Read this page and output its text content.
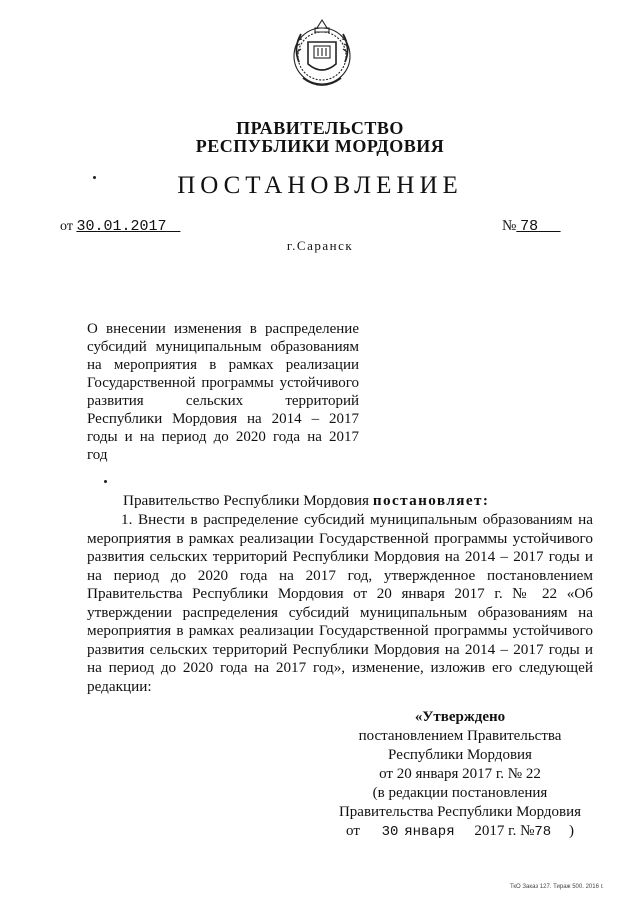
ПРАВИТЕЛЬСТВО
РЕСПУБЛИКИ МОРДОВИЯ
ПОСТАНОВЛЕНИЕ
от 30.01.2017	№ 78
г.Саранск
О внесении изменения в распределение
субсидий муниципальным образованиям
на мероприятия в рамках реализации
Государственной программы устойчивого
развития сельских территорий
Республики Мордовия на 2014 – 2017
годы и на период до 2020 года на 2017
год
Правительство Республики Мордовия постановляет:
1. Внести в распределение субсидий муниципальным образованиям на
мероприятия в рамках реализации Государственной программы устойчивого
развития сельских территорий Республики Мордовия на 2014 – 2017 годы и
на период до 2020 года на 2017 год, утвержденное постановлением
Правительства Республики Мордовия от 20 января 2017 г. № 22 «Об
утверждении распределения субсидий муниципальным образованиям на
мероприятия в рамках реализации Государственной программы устойчивого
развития сельских территорий Республики Мордовия на 2014 – 2017 годы и
на период до 2020 года на 2017 год», изменение, изложив его следующей
редакции:
«Утверждено
постановлением Правительства
Республики Мордовия
от 20 января 2017 г. № 22
(в редакции постановления
Правительства Республики Мордовия
от 30 января 2017 г. №78 )
ТкО Заказ 127. Тираж 500. 2016 г.
